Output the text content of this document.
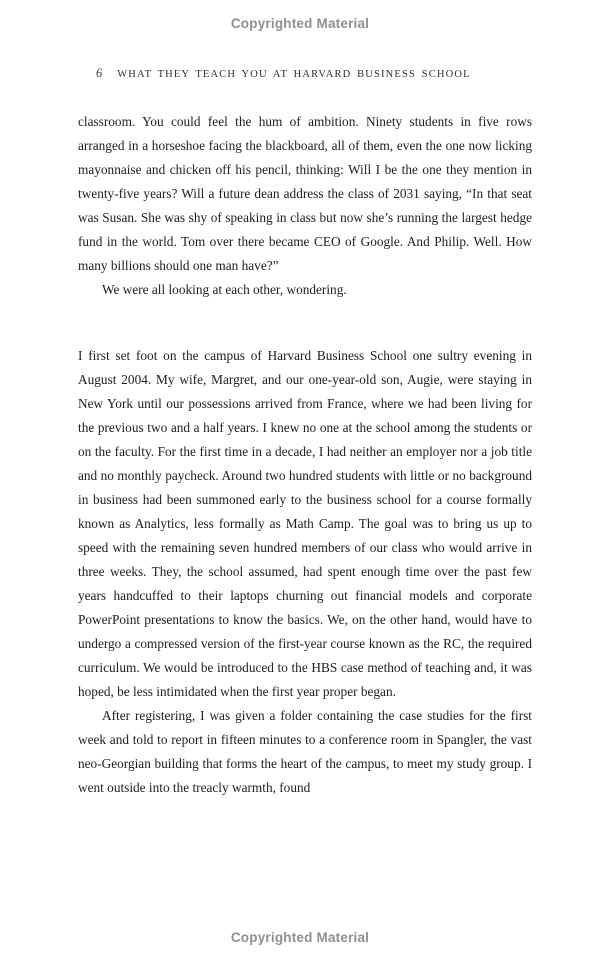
Copyrighted Material
6 WHAT THEY TEACH YOU AT HARVARD BUSINESS SCHOOL

classroom. You could feel the hum of ambition. Ninety students in five rows arranged in a horseshoe facing the blackboard, all of them, even the one now licking mayonnaise and chicken off his pencil, thinking: Will I be the one they mention in twenty-five years? Will a future dean address the class of 2031 saying, “In that seat was Susan. She was shy of speaking in class but now she’s running the largest hedge fund in the world. Tom over there became CEO of Google. And Philip. Well. How many billions should one man have?”

We were all looking at each other, wondering.

I first set foot on the campus of Harvard Business School one sultry evening in August 2004. My wife, Margret, and our one-year-old son, Augie, were staying in New York until our possessions arrived from France, where we had been living for the previous two and a half years. I knew no one at the school among the students or on the faculty. For the first time in a decade, I had neither an employer nor a job title and no monthly paycheck. Around two hundred students with little or no background in business had been summoned early to the business school for a course formally known as Analytics, less formally as Math Camp. The goal was to bring us up to speed with the remaining seven hundred members of our class who would arrive in three weeks. They, the school assumed, had spent enough time over the past few years handcuffed to their laptops churning out financial models and corporate PowerPoint presentations to know the basics. We, on the other hand, would have to undergo a compressed version of the first-year course known as the RC, the required curriculum. We would be introduced to the HBS case method of teaching and, it was hoped, be less intimidated when the first year proper began.

After registering, I was given a folder containing the case studies for the first week and told to report in fifteen minutes to a conference room in Spangler, the vast neo-Georgian building that forms the heart of the campus, to meet my study group. I went outside into the treacly warmth, found

Copyrighted Material
